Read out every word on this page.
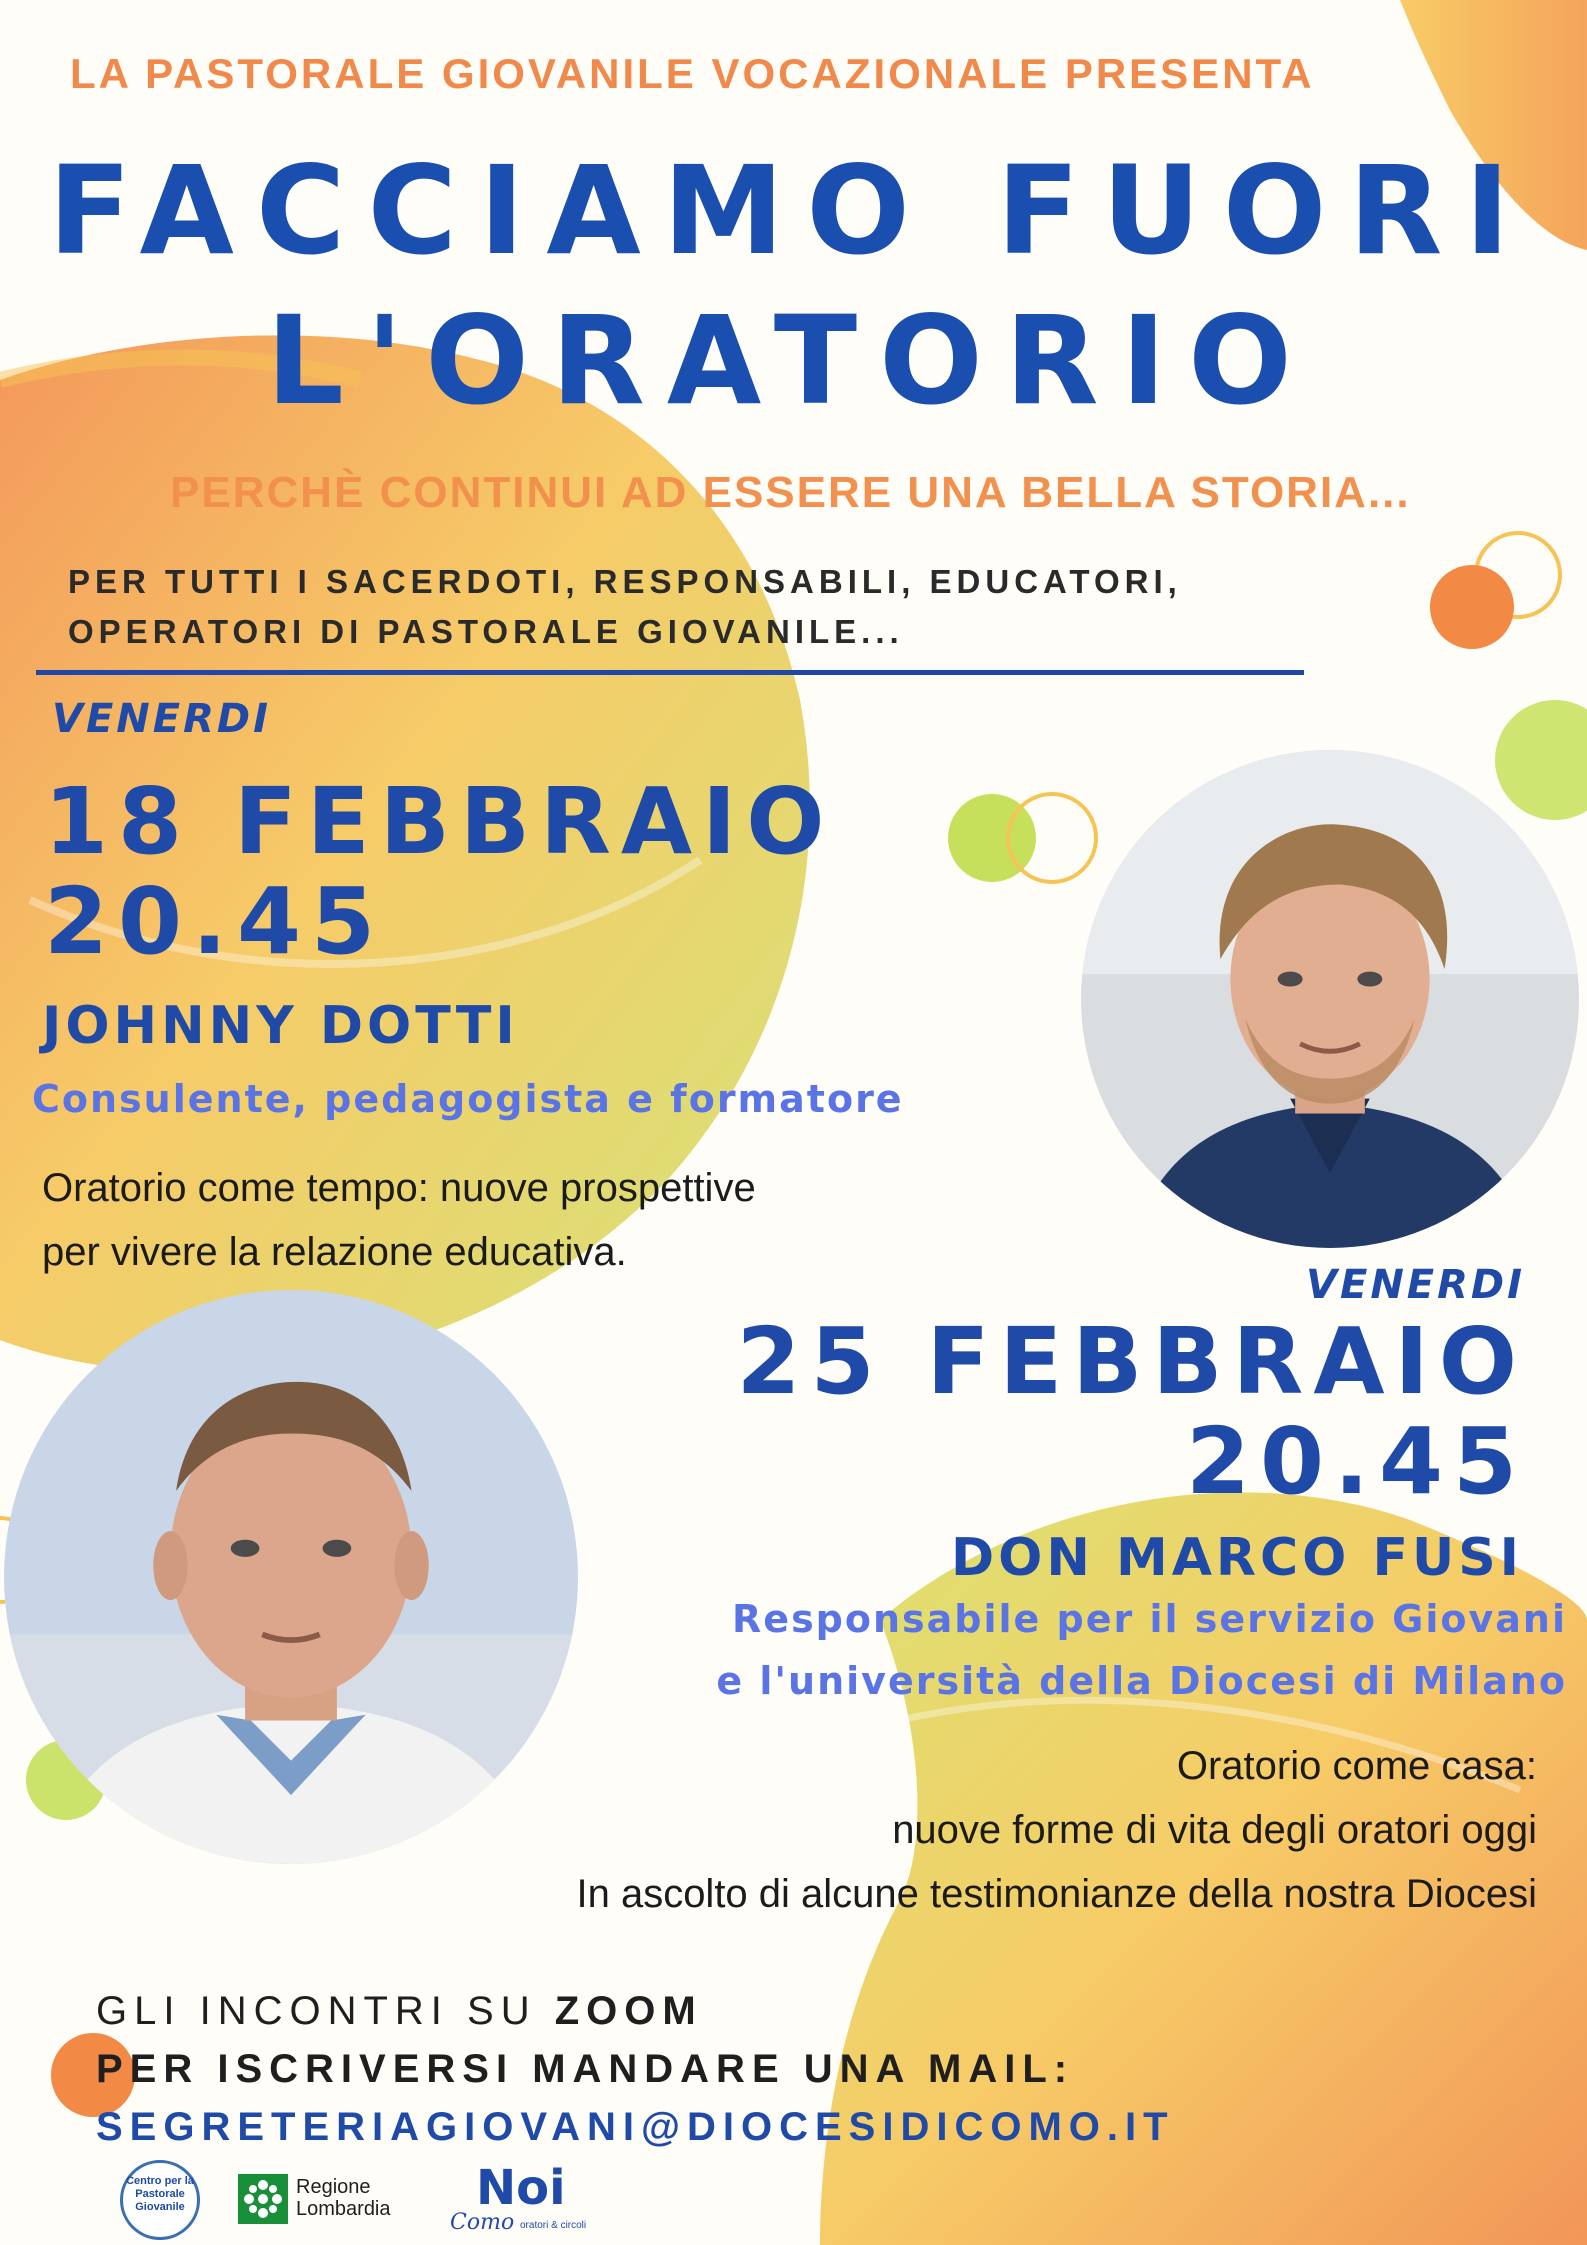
LA PASTORALE GIOVANILE VOCAZIONALE PRESENTA
FACCIAMO FUORI
L'ORATORIO
PERCHÈ CONTINUI AD ESSERE UNA BELLA STORIA...
PER TUTTI I SACERDOTI, RESPONSABILI, EDUCATORI,
OPERATORI DI PASTORALE GIOVANILE...
VENERDI
18 FEBBRAIO
20.45
JOHNNY DOTTI
Consulente, pedagogista e formatore
Oratorio come tempo: nuove prospettive
per vivere la relazione educativa.
VENERDI
25 FEBBRAIO
20.45
DON MARCO FUSI
Responsabile per il servizio Giovani
e l'università della Diocesi di Milano
Oratorio come casa:
nuove forme di vita degli oratori oggi
In ascolto di alcune testimonianze della nostra Diocesi
GLI INCONTRI SU ZOOM
PER ISCRIVERSI MANDARE UNA MAIL:
SEGRETERIAGIOVANI@DIOCESIDICOMO.IT
Centro per la
Pastorale
Giovanile
Regione
Lombardia Noi
Como oratori & circoli
